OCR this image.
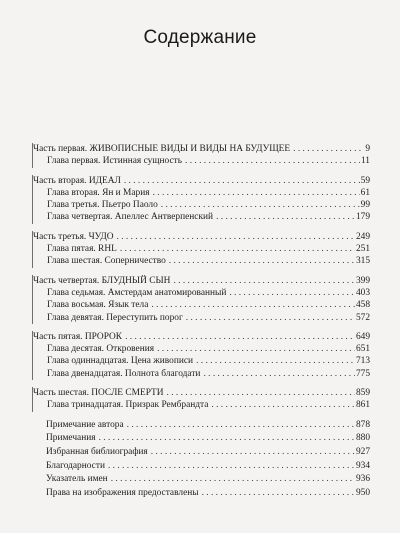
Содержание
Часть первая. ЖИВОПИСНЫЕ ВИДЫ И ВИДЫ НА БУДУЩЕЕ . . .	9
Глава первая. Истинная сущность . . .	11
Часть вторая. ИДЕАЛ . . .	59
Глава вторая. Ян и Мария . . .	61
Глава третья. Пьетро Паоло . . .	99
Глава четвертая. Апеллес Антверпенский . . .	179
Часть третья. ЧУДО . . .	249
Глава пятая. RHL . . .	251
Глава шестая. Соперничество . . .	315
Часть четвертая. БЛУДНЫЙ СЫН . . .	399
Глава седьмая. Амстердам анатомированный . . .	403
Глава восьмая. Язык тела . . .	458
Глава девятая. Переступить порог . . .	572
Часть пятая. ПРОРОК . . .	649
Глава десятая. Откровения . . .	651
Глава одиннадцатая. Цена живописи . . .	713
Глава двенадцатая. Полнота благодати . . .	775
Часть шестая. ПОСЛЕ СМЕРТИ . . .	859
Глава тринадцатая. Призрак Рембрандта . . .	861
Примечание автора . . .	878
Примечания . . .	880
Избранная библиография . . .	927
Благодарности . . .	934
Указатель имен . . .	936
Права на изображения предоставлены . . .	950
